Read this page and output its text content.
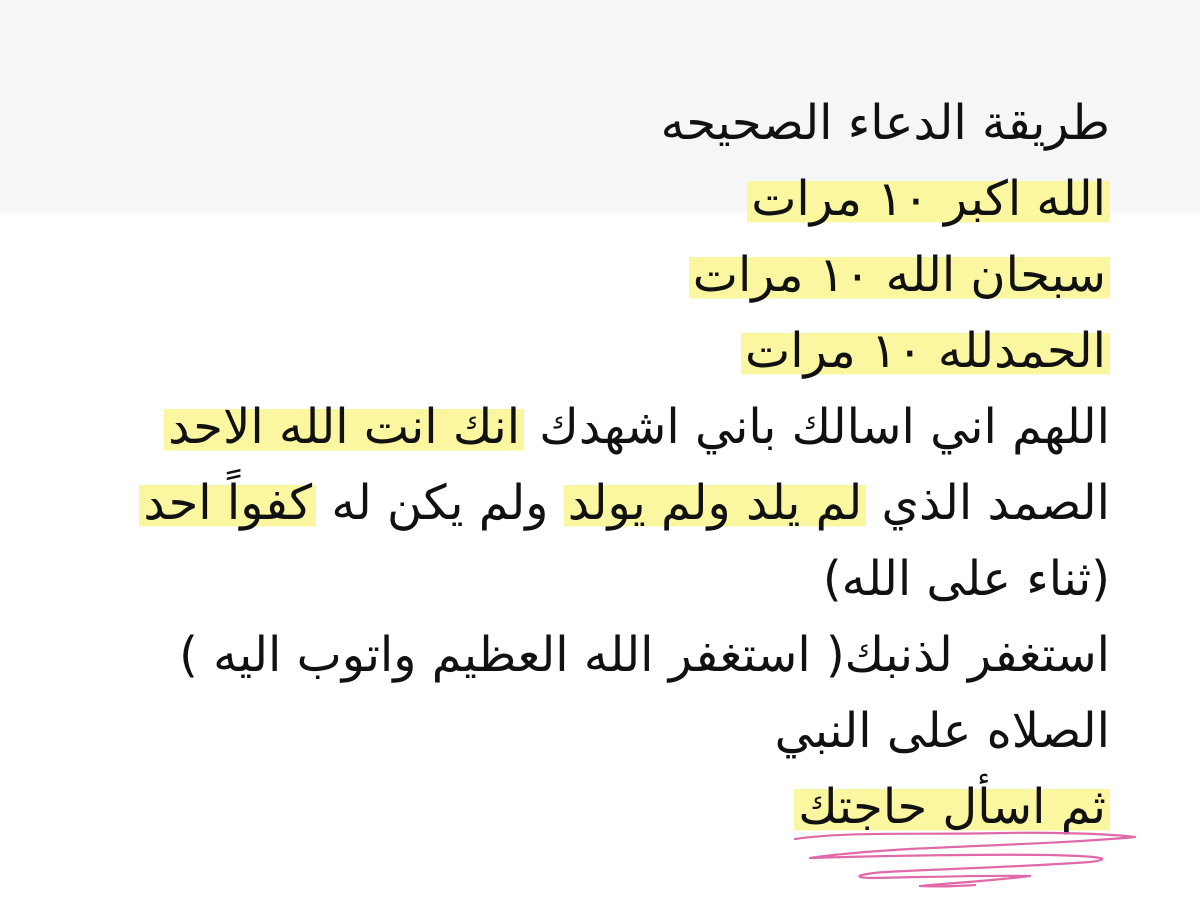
طريقة الدعاء الصحيحه
الله اكبر ١٠ مرات
سبحان الله ١٠ مرات
الحمدلله ١٠ مرات
اللهم اني اسالك باني اشهدك انك انت الله الاحد
الصمد الذي لم يلد ولم يولد ولم يكن له كفواً احد
(ثناء على الله)
استغفر لذنبك( استغفر الله العظيم واتوب اليه )
الصلاه على النبي
ثم اسأل حاجتك
